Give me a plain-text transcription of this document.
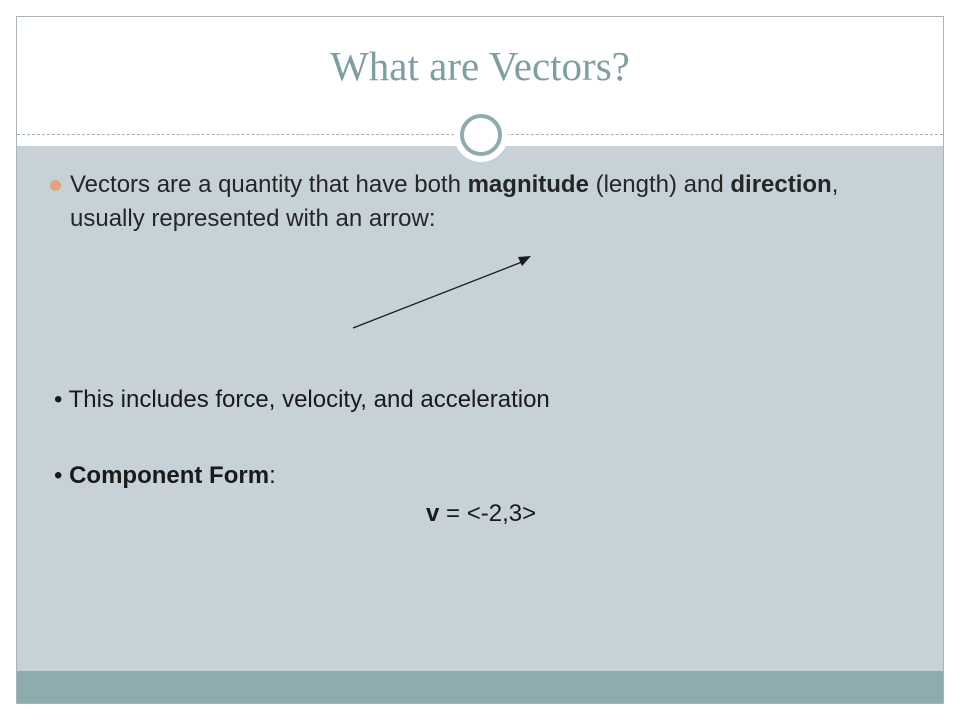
What are Vectors?
Vectors are a quantity that have both magnitude (length) and direction, usually represented with an arrow:
• This includes force, velocity, and acceleration
• Component Form:
v = <-2,3>
